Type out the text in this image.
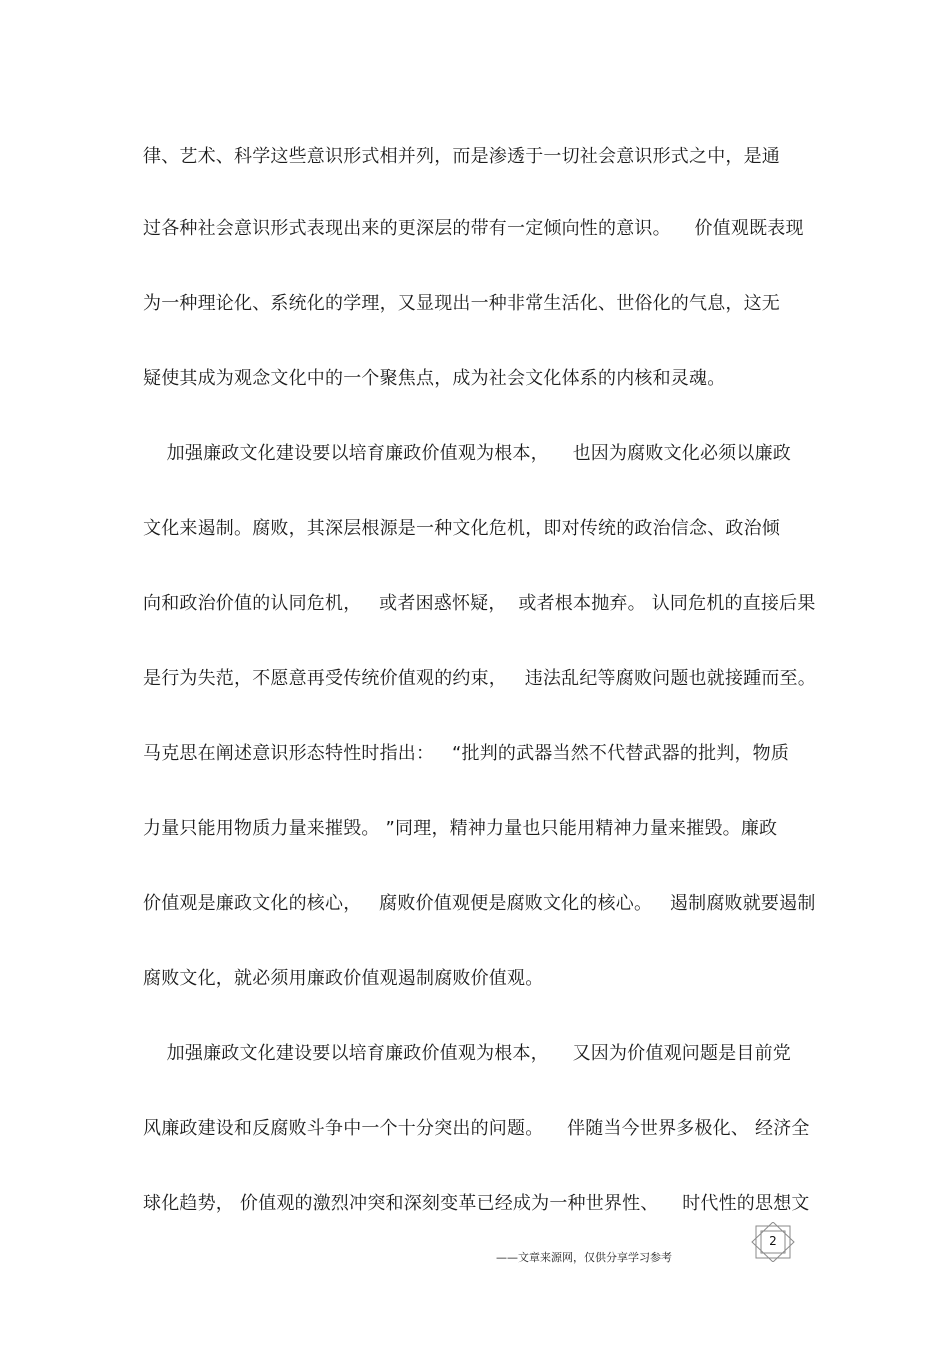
律、艺术、科学这些意识形式相并列，而是渗透于一切社会意识形式之中，是通
过各种社会意识形式表现出来的更深层的带有一定倾向性的意识。    价值观既表现
为一种理论化、系统化的学理，又显现出一种非常生活化、世俗化的气息，这无
疑使其成为观念文化中的一个聚焦点，成为社会文化体系的内核和灵魂。
加强廉政文化建设要以培育廉政价值观为根本，    也因为腐败文化必须以廉政
文化来遏制。腐败，其深层根源是一种文化危机，即对传统的政治信念、政治倾
向和政治价值的认同危机，   或者困惑怀疑，  或者根本抛弃。 认同危机的直接后果
是行为失范，不愿意再受传统价值观的约束，   违法乱纪等腐败问题也就接踵而至。
马克思在阐述意识形态特性时指出：   “批判的武器当然不代替武器的批判，物质
力量只能用物质力量来摧毁。 ”同理，精神力量也只能用精神力量来摧毁。廉政
价值观是廉政文化的核心，   腐败价值观便是腐败文化的核心。   遏制腐败就要遏制
腐败文化，就必须用廉政价值观遏制腐败价值观。
加强廉政文化建设要以培育廉政价值观为根本，    又因为价值观问题是目前党
风廉政建设和反腐败斗争中一个十分突出的问题。    伴随当今世界多极化、 经济全
球化趋势， 价值观的激烈冲突和深刻变革已经成为一种世界性、    时代性的思想文
——文章来源网，仅供分享学习参考
2
